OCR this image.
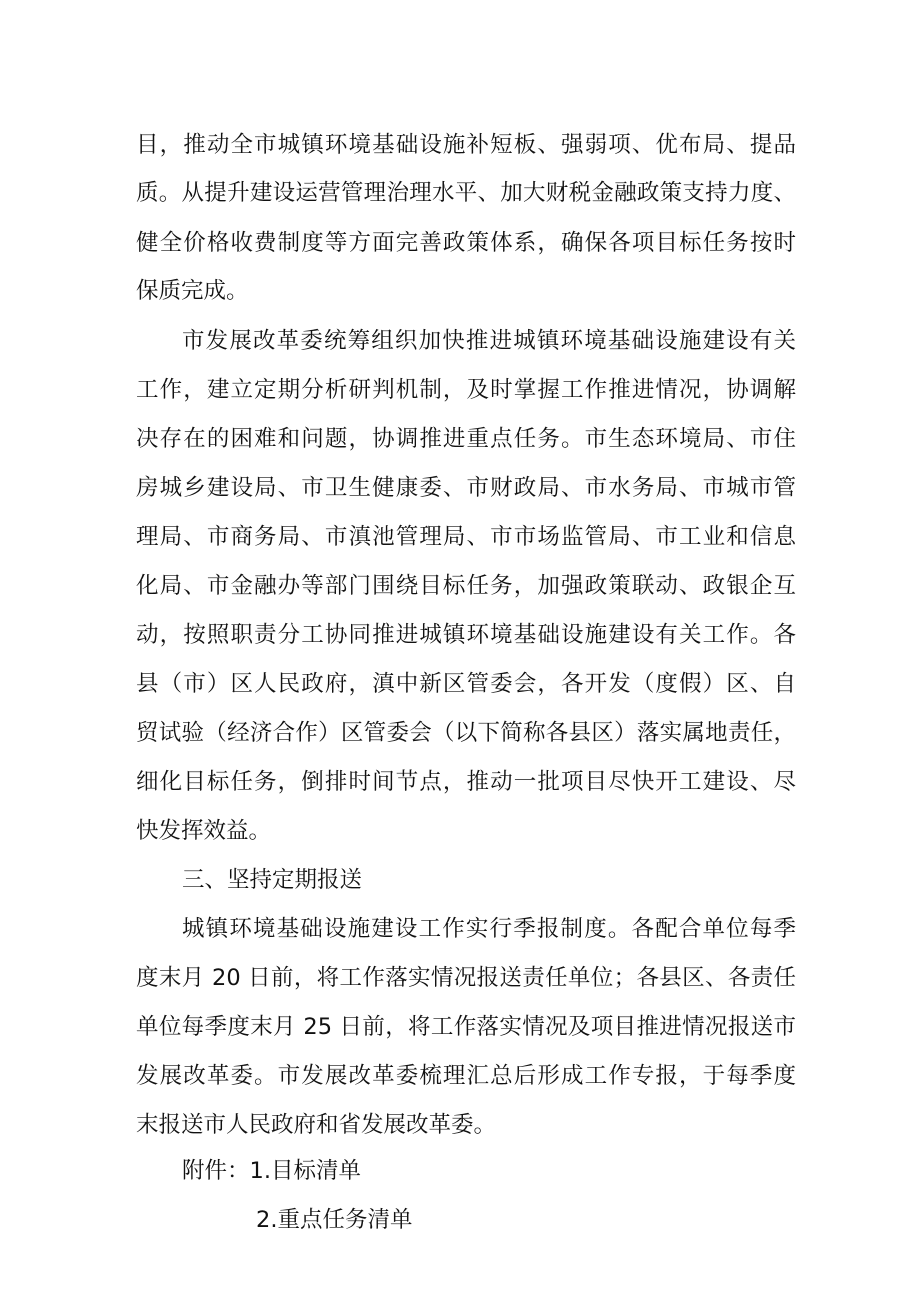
目，推动全市城镇环境基础设施补短板、强弱项、优布局、提品
质。从提升建设运营管理治理水平、加大财税金融政策支持力度、
健全价格收费制度等方面完善政策体系，确保各项目标任务按时
保质完成。
市发展改革委统筹组织加快推进城镇环境基础设施建设有关
工作，建立定期分析研判机制，及时掌握工作推进情况，协调解
决存在的困难和问题，协调推进重点任务。市生态环境局、市住
房城乡建设局、市卫生健康委、市财政局、市水务局、市城市管
理局、市商务局、市滇池管理局、市市场监管局、市工业和信息
化局、市金融办等部门围绕目标任务，加强政策联动、政银企互
动，按照职责分工协同推进城镇环境基础设施建设有关工作。各
县（市）区人民政府，滇中新区管委会，各开发（度假）区、自
贸试验（经济合作）区管委会（以下简称各县区）落实属地责任，
细化目标任务，倒排时间节点，推动一批项目尽快开工建设、尽
快发挥效益。
三、坚持定期报送
城镇环境基础设施建设工作实行季报制度。各配合单位每季
度末月 20 日前，将工作落实情况报送责任单位；各县区、各责任
单位每季度末月 25 日前，将工作落实情况及项目推进情况报送市
发展改革委。市发展改革委梳理汇总后形成工作专报，于每季度
末报送市人民政府和省发展改革委。
附件：1.目标清单
2.重点任务清单
